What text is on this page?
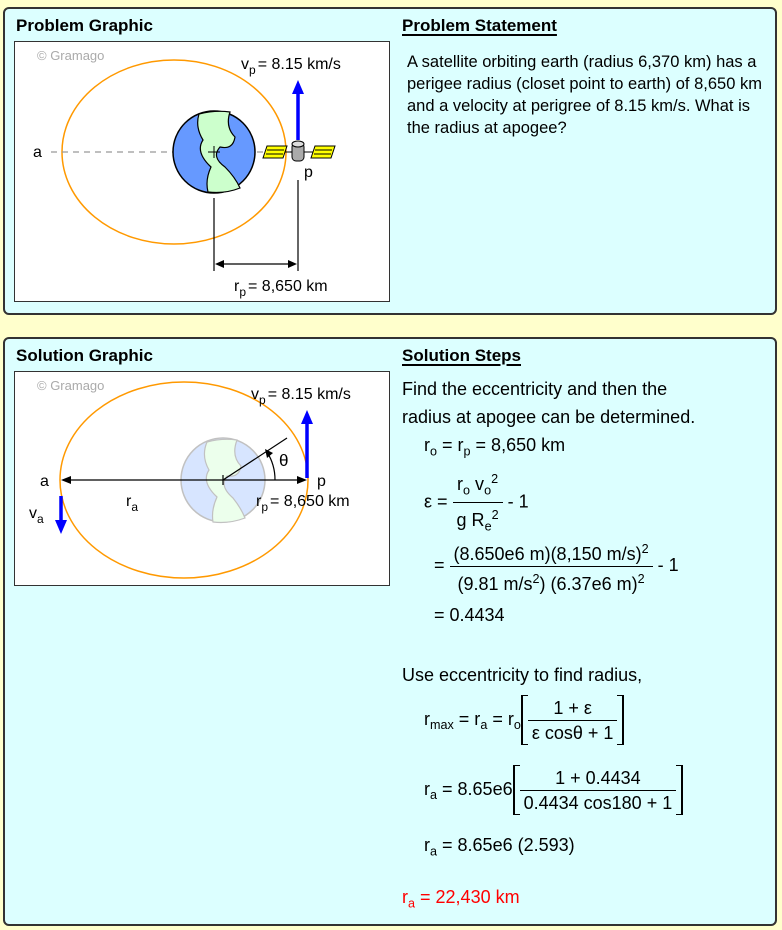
Problem Graphic	Problem Statement
© Gramago
$v_p = 8.15$ km/s
a
p
$r_p = 8,650$ km
A satellite orbiting earth (radius 6,370 km) has a perigee radius (closet point to earth) of 8,650 km and a velocity at perigree of 8.15 km/s. What is the radius at apogee?
Solution Graphic	Solution Steps
© Gramago
θ
$v_p = 8.15$ km/s
a	p
$r_a$
$v_a$
$r_p = 8,650$ km
Find the eccentricity and then the
radius at apogee can be determined.
$r_o = r_p = 8,650$ km
$\varepsilon = \frac{r_o v_o^2}{g R_e^2} - 1$
= $\frac{(8.650e6 m)(8,150 m/s)^2}{(9.81 m/s^2) (6.37e6 m)^2} - 1$
= 0.4434
Use eccentricity to find radius,
$r_{max} = r_a = r_o \frac{1 + \varepsilon}{\text{ε cosθ + 1}}$
$r_a = 8.65e6 \frac{1 + 0.4434}{0.4434 \cos 180 + 1}$
$r_a = 8.65e6$ (2.593)
$r_a = 22,430$ km
